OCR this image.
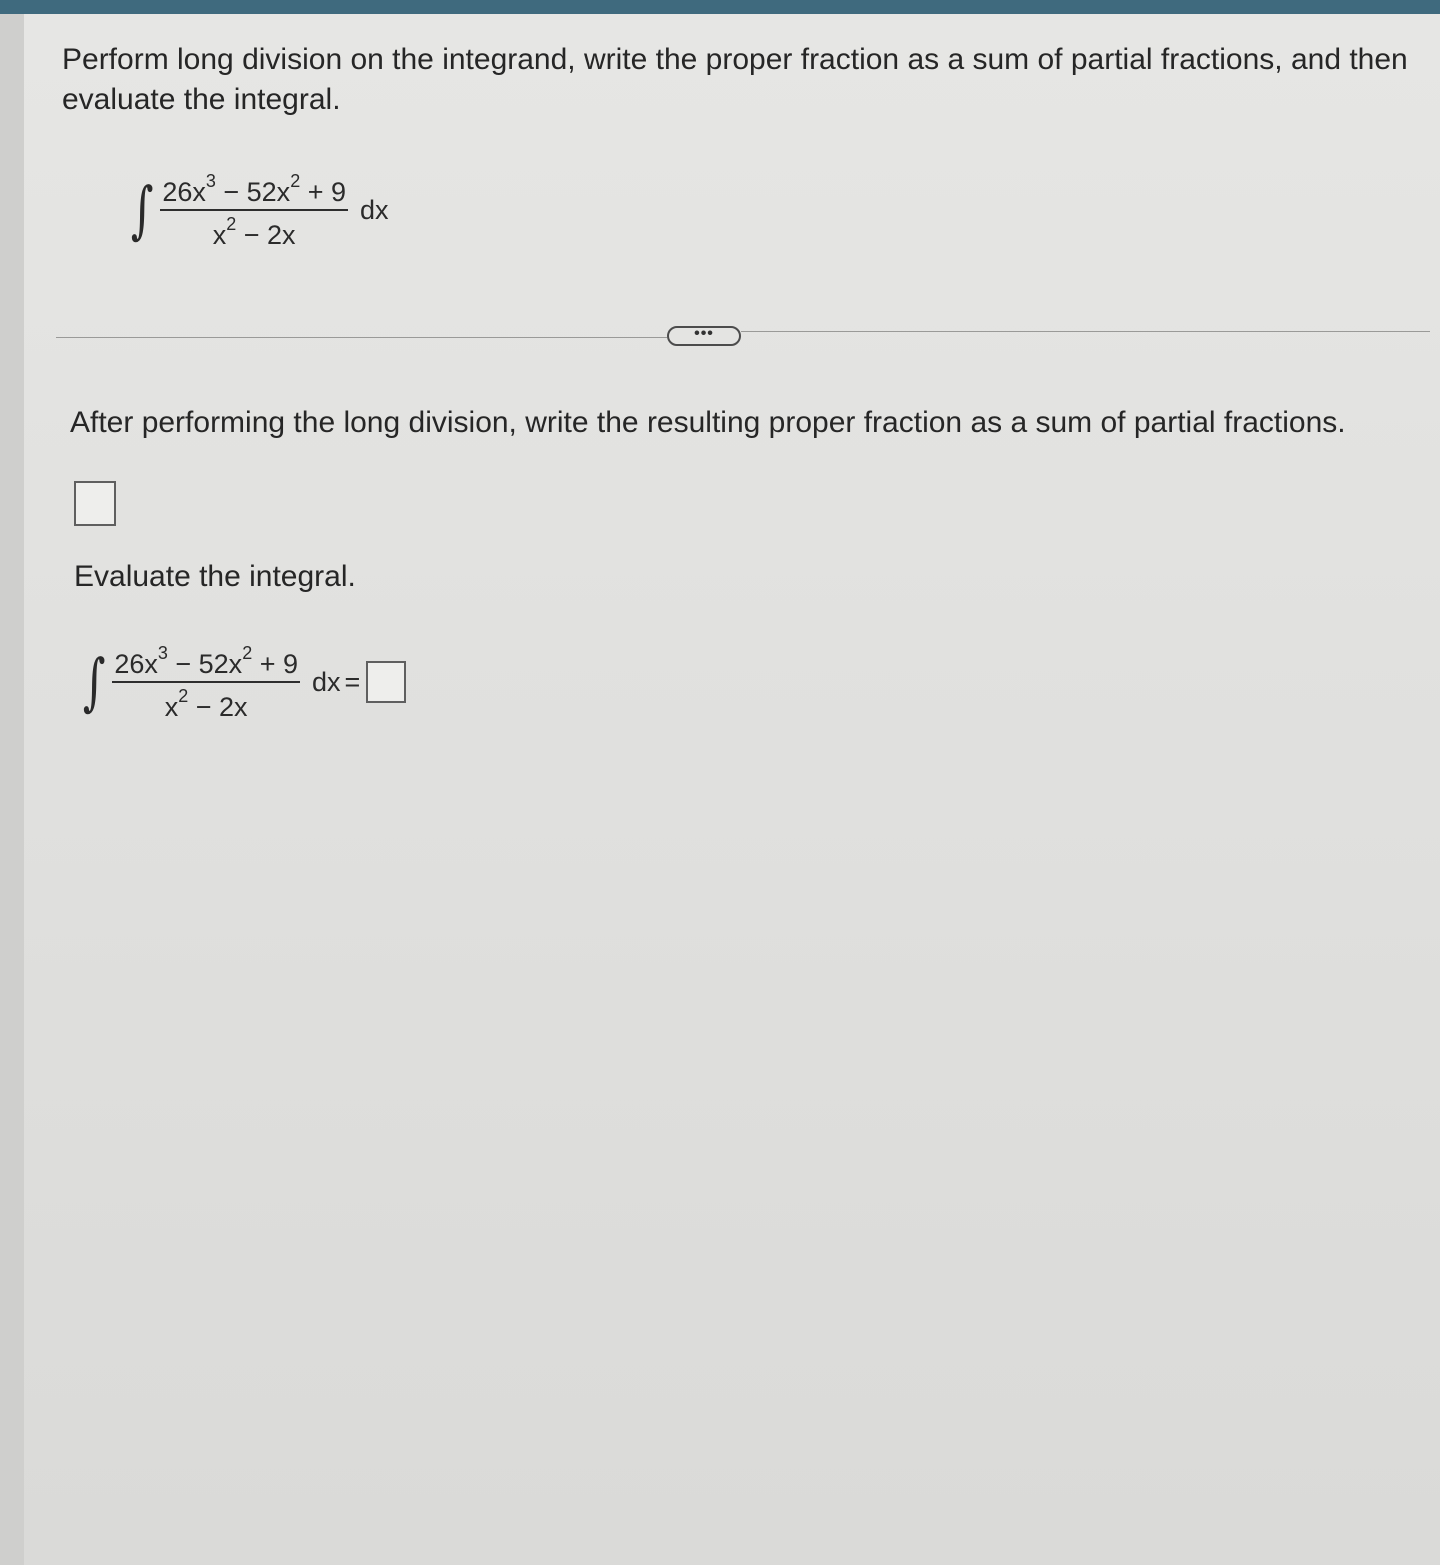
Perform long division on the integrand, write the proper fraction as a sum of partial fractions, and then evaluate the integral.

∫ $\frac{26x^3 - 52x^2 + 9}{x^2 - 2x}$ dx
•••

After performing the long division, write the resulting proper fraction as a sum of partial fractions.

Evaluate the integral.

∫ $\frac{26x^3 - 52x^2 + 9}{x^2 - 2x}$ dx =
